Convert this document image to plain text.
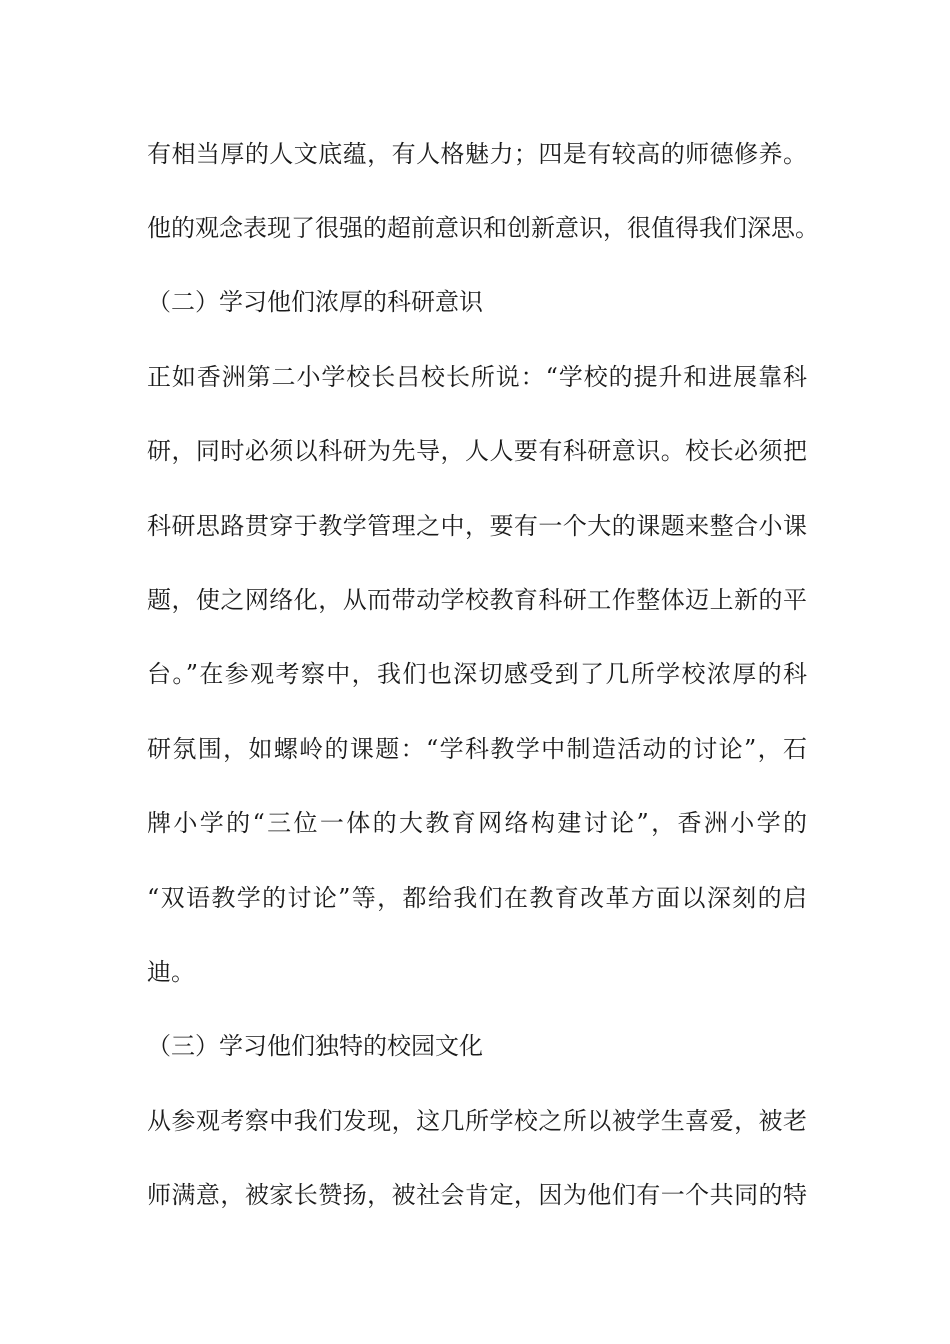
有相当厚的人文底蕴，有人格魅力；四是有较高的师德修养。
他的观念表现了很强的超前意识和创新意识，很值得我们深思。
（二）学习他们浓厚的科研意识
正如香洲第二小学校长吕校长所说：“学校的提升和进展靠科
研，同时必须以科研为先导，人人要有科研意识。校长必须把
科研思路贯穿于教学管理之中，要有一个大的课题来整合小课
题，使之网络化，从而带动学校教育科研工作整体迈上新的平
台。”在参观考察中，我们也深切感受到了几所学校浓厚的科
研氛围，如螺岭的课题：“学科教学中制造活动的讨论”，石
牌小学的“三位一体的大教育网络构建讨论”，香洲小学的
“双语教学的讨论”等，都给我们在教育改革方面以深刻的启
迪。
（三）学习他们独特的校园文化
从参观考察中我们发现，这几所学校之所以被学生喜爱，被老
师满意，被家长赞扬，被社会肯定，因为他们有一个共同的特
